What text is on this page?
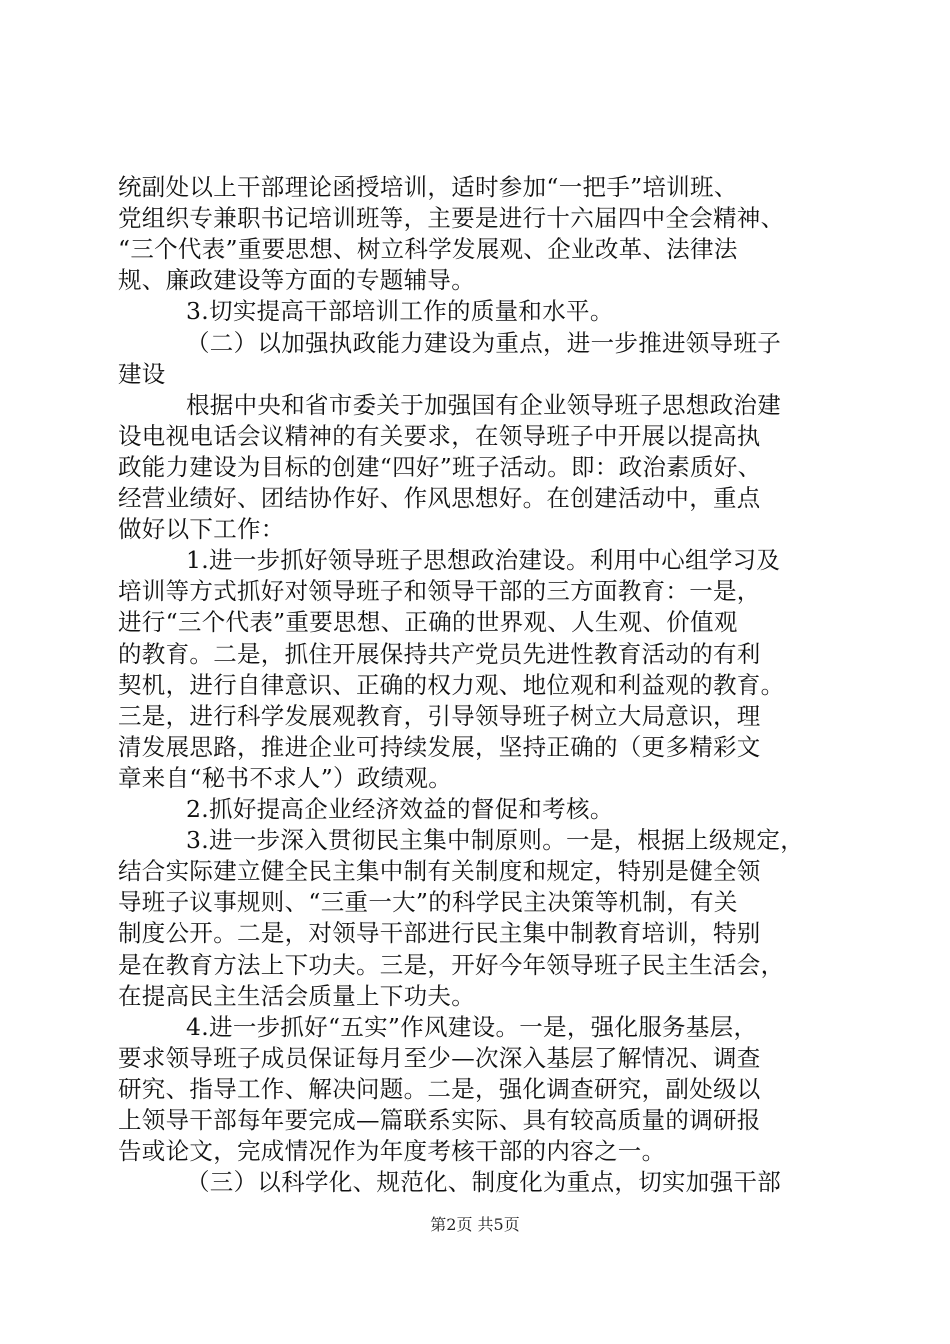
统副处以上干部理论函授培训，适时参加“一把手”培训班、
党组织专兼职书记培训班等，主要是进行十六届四中全会精神、
“三个代表”重要思想、树立科学发展观、企业改革、法律法
规、廉政建设等方面的专题辅导。
3.切实提高干部培训工作的质量和水平。
（二）以加强执政能力建设为重点，进一步推进领导班子
建设
根据中央和省市委关于加强国有企业领导班子思想政治建
设电视电话会议精神的有关要求，在领导班子中开展以提高执
政能力建设为目标的创建“四好”班子活动。即：政治素质好、
经营业绩好、团结协作好、作风思想好。在创建活动中，重点
做好以下工作：
1.进一步抓好领导班子思想政治建设。利用中心组学习及
培训等方式抓好对领导班子和领导干部的三方面教育：一是，
进行“三个代表”重要思想、正确的世界观、人生观、价值观
的教育。二是，抓住开展保持共产党员先进性教育活动的有利
契机，进行自律意识、正确的权力观、地位观和利益观的教育。
三是，进行科学发展观教育，引导领导班子树立大局意识，理
清发展思路，推进企业可持续发展，坚持正确的（更多精彩文
章来自“秘书不求人”）政绩观。
2.抓好提高企业经济效益的督促和考核。
3.进一步深入贯彻民主集中制原则。一是，根据上级规定，
结合实际建立健全民主集中制有关制度和规定，特别是健全领
导班子议事规则、“三重一大”的科学民主决策等机制，有关
制度公开。二是，对领导干部进行民主集中制教育培训，特别
是在教育方法上下功夫。三是，开好今年领导班子民主生活会，
在提高民主生活会质量上下功夫。
4.进一步抓好“五实”作风建设。一是，强化服务基层，
要求领导班子成员保证每月至少—次深入基层了解情况、调查
研究、指导工作、解决问题。二是，强化调查研究，副处级以
上领导干部每年要完成—篇联系实际、具有较高质量的调研报
告或论文，完成情况作为年度考核干部的内容之一。
（三）以科学化、规范化、制度化为重点，切实加强干部
第2页 共5页
